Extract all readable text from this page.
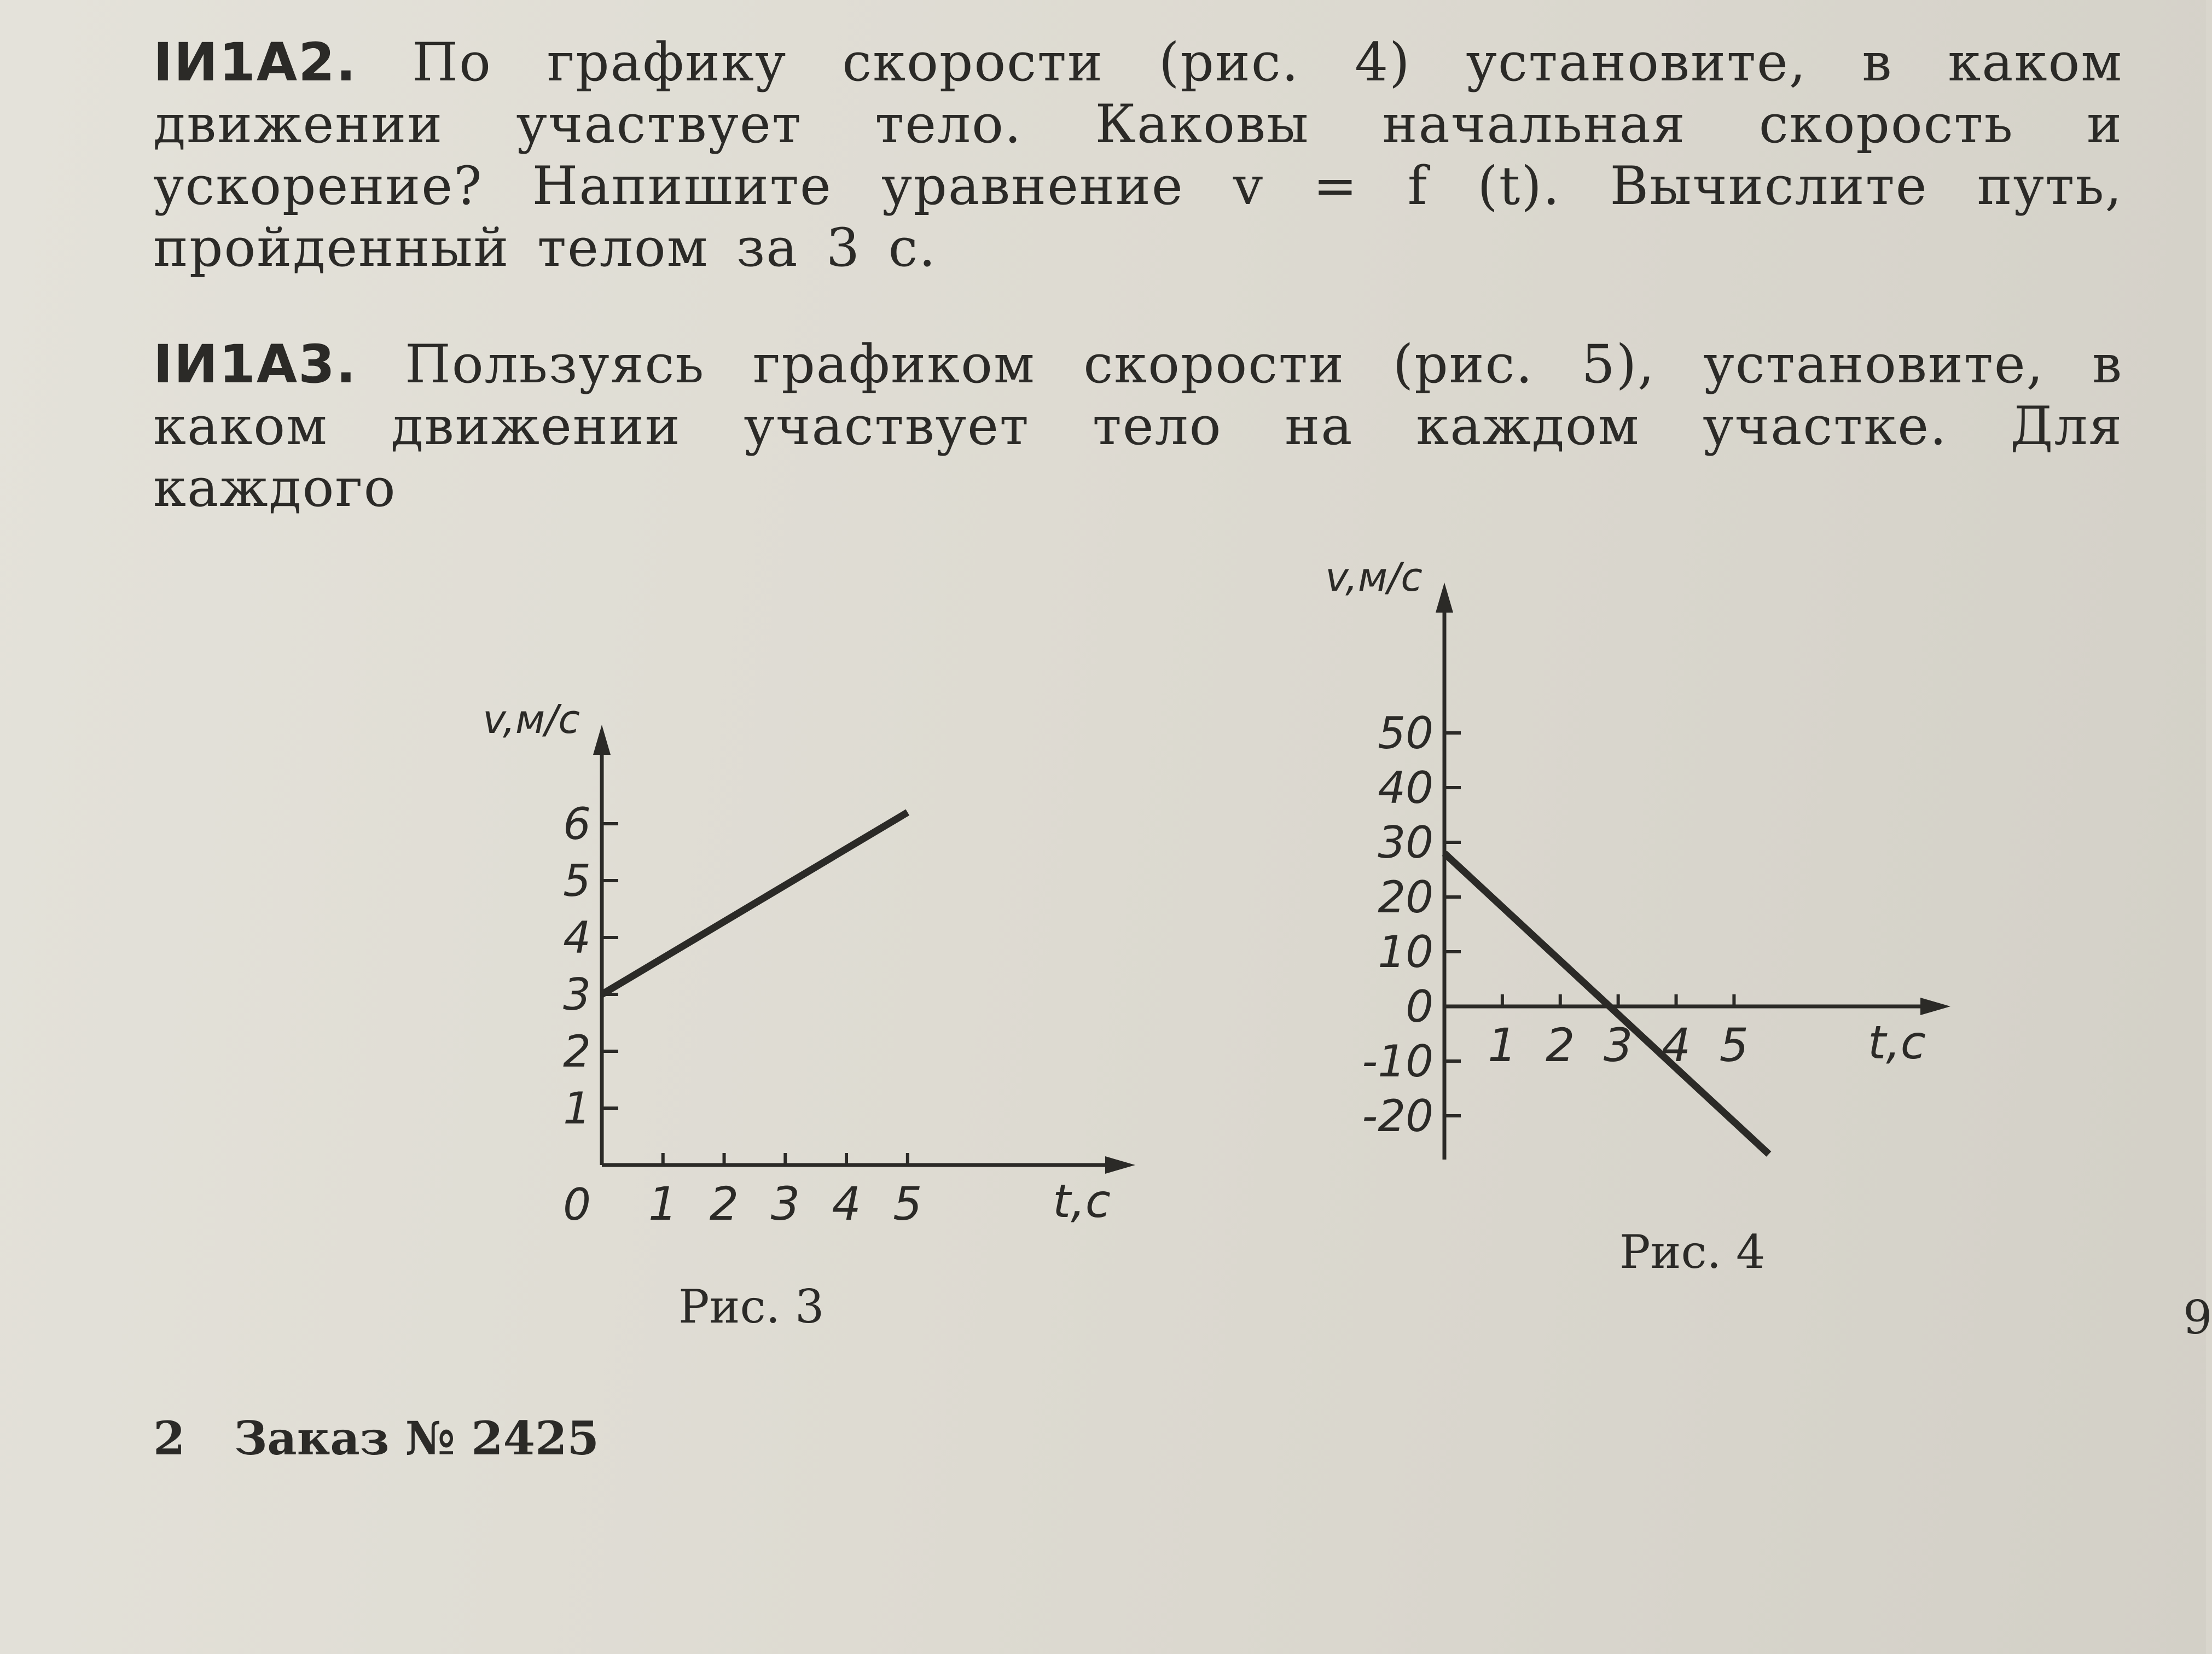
ІИ1А2. По графику скорости (рис. 4) установите, в каком движении участвует тело. Каковы начальная скорость и ускорение? Напишите уравнение v = f (t). Вычислите путь, пройденный телом за 3 с.
ІИ1А3. Пользуясь графиком скорости (рис. 5), установите, в каком движении участвует тело на каждом участке. Для каждого
1 2 3 4 5
1
2
3
4
5
6
0
v,м/с
t,c
Рис. 3
1 2 3 4 5
-20
-10
10
20
30
40
50
0
v,м/с
t,c
Рис. 4
2 Заказ № 2425
9
